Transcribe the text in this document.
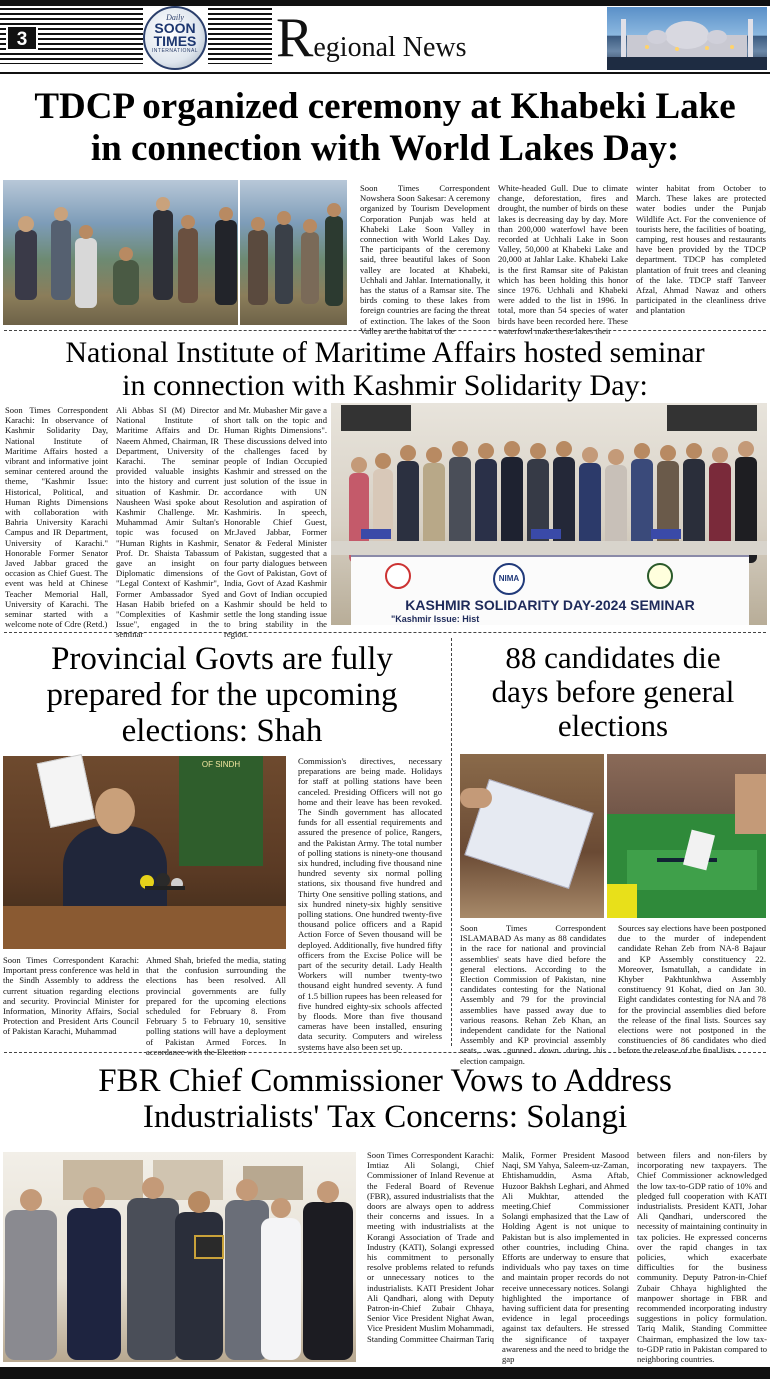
3
Daily
SOON
TIMES
INTERNATIONAL Regional News
TDCP organized ceremony at Khabeki Lake
in connection with World Lakes Day:
Soon Times Correspondent Nowshera Soon Sakesar: A ceremony organized by Tourism Development Corporation Punjab was held at Khabeki Lake Soon Valley in connection with World Lakes Day. The participants of the ceremony said, three beautiful lakes of Soon valley are located at Khabeki, Uchhali and Jahlar. Internationally, it has the status of a Ramsar site. The birds coming to these lakes from foreign countries are facing the threat of extinction. The lakes of the Soon Valley are the habitat of the
White-headed Gull. Due to climate change, deforestation, fires and drought, the number of birds on these lakes is decreasing day by day. More than 200,000 waterfowl have been recorded at Uchhali Lake in Soon Valley, 50,000 at Khabeki Lake and 20,000 at Jahlar Lake. Khabeki Lake is the first Ramsar site of Pakistan which has been holding this honor since 1976. Uchhali and Khabeki were added to the list in 1996. In total, more than 54 species of water birds have been recorded here. These waterfowl make these lakes their
winter habitat from October to March. These lakes are protected water bodies under the Punjab Wildlife Act. For the convenience of tourists here, the facilities of boating, camping, rest houses and restaurants have been provided by the TDCP department. TDCP has completed plantation of fruit trees and cleaning of the lake. TDCP staff Tanveer Afzal, Ahmad Nawaz and others participated in the cleanliness drive and plantation
National Institute of Maritime Affairs hosted seminar
in connection with Kashmir Solidarity Day:
Soon Times Correspondent Karachi: In observance of Kashmir Solidarity Day, National Institute of Maritime Affairs hosted a vibrant and informative joint seminar centered around the theme, "Kashmir Issue: Historical, Political, and Human Rights Dimensions with collaboration with Bahria University Karachi Campus and IR Department, University of Karachi." Honorable Former Senator Javed Jabbar graced the occasion as Chief Guest. The event was held at Chinese Teacher Memorial Hall, University of Karachi. The seminar started with a welcome note of Cdre (Retd.)
Ali Abbas SI (M) Director National Institute of Maritime Affairs and Dr. Naeem Ahmed, Chairman, IR Department, University of Karachi. The seminar provided valuable insights into the history and current situation of Kashmir. Dr. Nausheen Wasi spoke about Kashmir Challenge. Mr. Muhammad Amir Sultan's topic was focused on "Human Rights in Kashmir, Prof. Dr. Shaista Tabassum gave an insight on Diplomatic dimensions of "Legal Context of Kashmir", Former Ambassador Syed Hasan Habib briefed on a "Complexities of Kashmir Issue", engaged in the seminar
and Mr. Mubasher Mir gave a short talk on the topic and Human Rights Dimensions". These discussions delved into the challenges faced by people of Indian Occupied Kashmir and stressed on the just solution of the issue in accordance with UN Resolution and aspiration of Kashmiris. In speech, Honorable Chief Guest, Mr.Javed Jabbar, Former Senator & Federal Minister of Pakistan, suggested that a four party dialogues between the Govt of Pakistan, Govt of India, Govt of Azad Kashmir and Govt of Indian occupied Kashmir should be held to settle the long standing issue to bring stability in the region.
NIMA
KASHMIR SOLIDARITY DAY-2024 SEMINAR
"Kashmir Issue: Hist
Provincial Govts are fully
prepared for the upcoming
elections: Shah
OF SINDH
Soon Times Correspondent Karachi: Important press conference was held in the Sindh Assembly to address the current situation regarding elections and security. Provincial Minister for Information, Minority Affairs, Social Protection and President Arts Council of Pakistan Karachi, Muhammad
Ahmed Shah, briefed the media, stating that the confusion surrounding the elections has been resolved. All provincial governments are fully prepared for the upcoming elections scheduled for February 8. From February 5 to February 10, sensitive polling stations will have a deployment of Pakistan Armed Forces. In accordance with the Election
Commission's directives, necessary preparations are being made. Holidays for staff at polling stations have been canceled. Presiding Officers will not go home and their leave has been revoked. The Sindh government has allocated funds for all essential requirements and assured the presence of police, Rangers, and the Pakistan Army. The total number of polling stations is ninety-one thousand six hundred, including five thousand nine hundred seventy six normal polling stations, six thousand five hundred and Thirty One sensitive polling stations, and six hundred ninety-six highly sensitive polling stations. One hundred twenty-five thousand police officers and a Rapid Action Force of Seven thousand will be deployed. Additionally, five hundred fifty officers from the Excise Police will be part of the security detail. Lady Health Workers will number twenty-two thousand eight hundred seventy. A fund of 1.5 billion rupees has been released for five hundred eighty-six schools affected by floods. More than five thousand cameras have been installed, ensuring data security. Computers and wireless systems have also been set up.
88 candidates die
days before general
elections
Soon Times Correspondent ISLAMABAD As many as 88 candidates in the race for national and provincial assemblies' seats have died before the general elections. According to the Election Commission of Pakistan, nine candidates contesting for the National Assembly and 79 for the provincial assemblies have passed away due to various reasons. Rehan Zeb Khan, an independent candidate for the National Assembly and KP provincial assembly seats, was gunned down during his election campaign.
Sources say elections have been postponed due to the murder of independent candidate Rehan Zeb from NA-8 Bajaur and KP Assembly constituency 22. Moreover, Ismatullah, a candidate in Khyber Pakhtunkhwa Assembly constituency 91 Kohat, died on Jan 30. Eight candidates contesting for NA and 78 for the provincial assemblies died before the release of the final lists. Sources say elections were not postponed in the constituencies of 86 candidates who died before the release of the final lists.
FBR Chief Commissioner Vows to Address
Industrialists' Tax Concerns: Solangi
Soon Times Correspondent Karachi: Imtiaz Ali Solangi, Chief Commissioner of Inland Revenue at the Federal Board of Revenue (FBR), assured industrialists that the doors are always open to address their concerns and issues. In a meeting with industrialists at the Korangi Association of Trade and Industry (KATI), Solangi expressed his commitment to personally resolve problems related to refunds or unnecessary notices to the industrialists. KATI President Johar Ali Qandhari, along with Deputy Patron-in-Chief Zubair Chhaya, Senior Vice President Nighat Awan, Vice President Muslim Mohammadi, Standing Committee Chairman Tariq
Malik, Former President Masood Naqi, SM Yahya, Saleem-uz-Zaman, Ehtishamuddin, Asma Aftab, Huzoor Bakhsh Leghari, and Ahmed Ali Mukhtar, attended the meeting.Chief Commissioner Solangi emphasized that the Law of Holding Agent is not unique to Pakistan but is also implemented in other countries, including China. Efforts are underway to ensure that individuals who pay taxes on time and maintain proper records do not receive unnecessary notices. Solangi highlighted the importance of having sufficient data for presenting evidence in legal proceedings against tax defaulters. He stressed the significance of taxpayer awareness and the need to bridge the gap
between filers and non-filers by incorporating new taxpayers. The Chief Commissioner acknowledged the low tax-to-GDP ratio of 10% and pledged full cooperation with KATI industrialists. President KATI, Johar Ali Qandhari, underscored the necessity of maintaining continuity in tax policies. He expressed concerns over the rapid changes in tax policies, which exacerbate difficulties for the business community. Deputy Patron-in-Chief Zubair Chhaya highlighted the manpower shortage in FBR and recommended incorporating industry suggestions in policy formulation. Tariq Malik, Standing Committee Chairman, emphasized the low tax-to-GDP ratio in Pakistan compared to neighboring countries.
